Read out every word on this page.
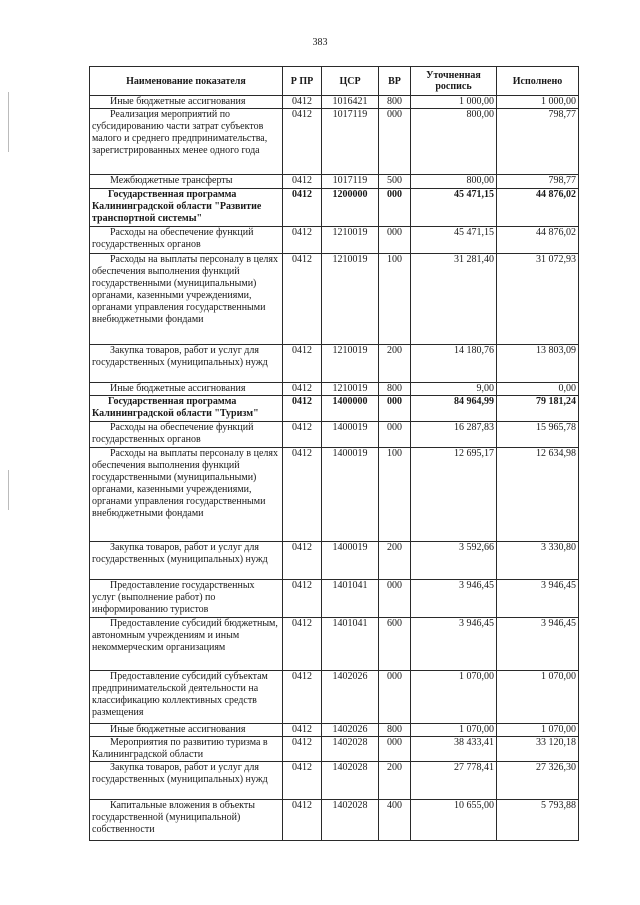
383
Наименование показателя	Р ПР	ЦСР	ВР	Уточненная роспись	Исполнено
Иные бюджетные ассигнования	0412	1016421	800	1 000,00	1 000,00
Реализация мероприятий по субсидированию части затрат субъектов малого и среднего предпринимательства, зарегистрированных менее одного года	0412	1017119	000	800,00	798,77
Межбюджетные трансферты	0412	1017119	500	800,00	798,77
Государственная программа Калининградской области "Развитие транспортной системы"	0412	1200000	000	45 471,15	44 876,02
Расходы на обеспечение функций государственных органов	0412	1210019	000	45 471,15	44 876,02
Расходы на выплаты персоналу в целях обеспечения выполнения функций государственными (муниципальными) органами, казенными учреждениями, органами управления государственными внебюджетными фондами	0412	1210019	100	31 281,40	31 072,93
Закупка товаров, работ и услуг для государственных (муниципальных) нужд	0412	1210019	200	14 180,76	13 803,09
Иные бюджетные ассигнования	0412	1210019	800	9,00	0,00
Государственная программа Калининградской области "Туризм"	0412	1400000	000	84 964,99	79 181,24
Расходы на обеспечение функций государственных органов	0412	1400019	000	16 287,83	15 965,78
Расходы на выплаты персоналу в целях обеспечения выполнения функций государственными (муниципальными) органами, казенными учреждениями, органами управления государственными внебюджетными фондами	0412	1400019	100	12 695,17	12 634,98
Закупка товаров, работ и услуг для государственных (муниципальных) нужд	0412	1400019	200	3 592,66	3 330,80
Предоставление государственных услуг (выполнение работ) по информированию туристов	0412	1401041	000	3 946,45	3 946,45
Предоставление субсидий бюджетным, автономным учреждениям и иным некоммерческим организациям	0412	1401041	600	3 946,45	3 946,45
Предоставление субсидий субъектам предпринимательской деятельности на классификацию коллективных средств размещения	0412	1402026	000	1 070,00	1 070,00
Иные бюджетные ассигнования	0412	1402026	800	1 070,00	1 070,00
Мероприятия по развитию туризма в Калининградской области	0412	1402028	000	38 433,41	33 120,18
Закупка товаров, работ и услуг для государственных (муниципальных) нужд	0412	1402028	200	27 778,41	27 326,30
Капитальные вложения в объекты государственной (муниципальной) собственности	0412	1402028	400	10 655,00	5 793,88
